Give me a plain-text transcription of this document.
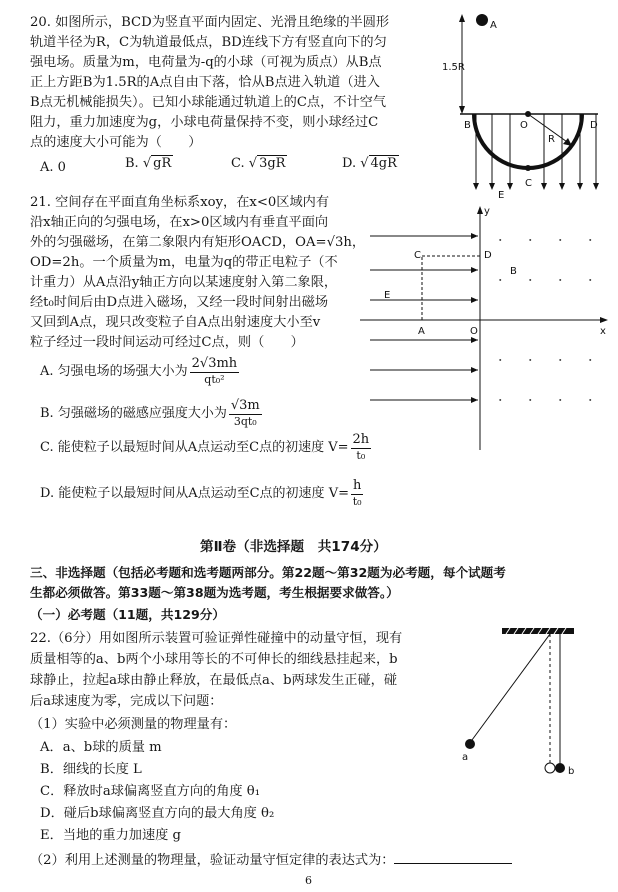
20. 如图所示，BCD为竖直平面内固定、光滑且绝缘的半圆形
轨道半径为R，C为轨道最低点，BD连线下方有竖直向下的匀
强电场。质量为m，电荷量为-q的小球（可视为质点）从B点
正上方距B为1.5R的A点自由下落，恰从B点进入轨道（进入
B点无机械能损失）。已知小球能通过轨道上的C点，不计空气
阻力，重力加速度为g，小球电荷量保持不变，则小球经过C
点的速度大小可能为（　　）
A. 0	B. √ gR	C. √ 3gR	D. √ 4gR
A
1.5R
B	O	D
R
C
E
21. 空间存在平面直角坐标系xoy，在x<0区域内有
沿x轴正向的匀强电场，在x>0区域内有垂直平面向
外的匀强磁场，在第二象限内有矩形OACD，OA=√3h，
OD=2h。一个质量为m，电量为q的带正电粒子（不
计重力）从A点沿y轴正方向以某速度射入第二象限，
经t₀时间后由D点进入磁场，又经一段时间射出磁场
又回到A点，现只改变粒子自A点出射速度大小至v
粒子经过一段时间运动可经过C点，则（　　）
A. 匀强电场的场强大小为 $\frac{2√3mh}{\text{qt₀²}}$
B. 匀强磁场的磁感应强度大小为 $\frac{√3m}{\text{3qt₀}}$
C. 能使粒子以最短时间从A点运动至C点的初速度 $V= \frac{2h}{\text{t₀}}$
D. 能使粒子以最短时间从A点运动至C点的初速度 $V= \frac{h}{\text{t₀}}$
y
x
E
C	D
A	O
B
第Ⅱ卷（非选择题　共174分）
三、非选择题（包括必考题和选考题两部分。第22题～第32题为必考题，每个试题考
生都必须做答。第33题～第38题为选考题，考生根据要求做答。）
（一）必考题（11题，共129分）
22.（6分）用如图所示装置可验证弹性碰撞中的动量守恒，现有
质量相等的a、b两个小球用等长的不可伸长的细线悬挂起来，b
球静止，拉起a球由静止释放，在最低点a、b两球发生正碰，碰
后a球速度为零，完成以下问题：
（1）实验中必须测量的物理量有：
A．a、b球的质量 m
B．细线的长度 L
C．释放时a球偏离竖直方向的角度 θ₁
D．碰后b球偏离竖直方向的最大角度 θ₂
E．当地的重力加速度 g
（2）利用上述测量的物理量，验证动量守恒定律的表达式为：
a
b
6
